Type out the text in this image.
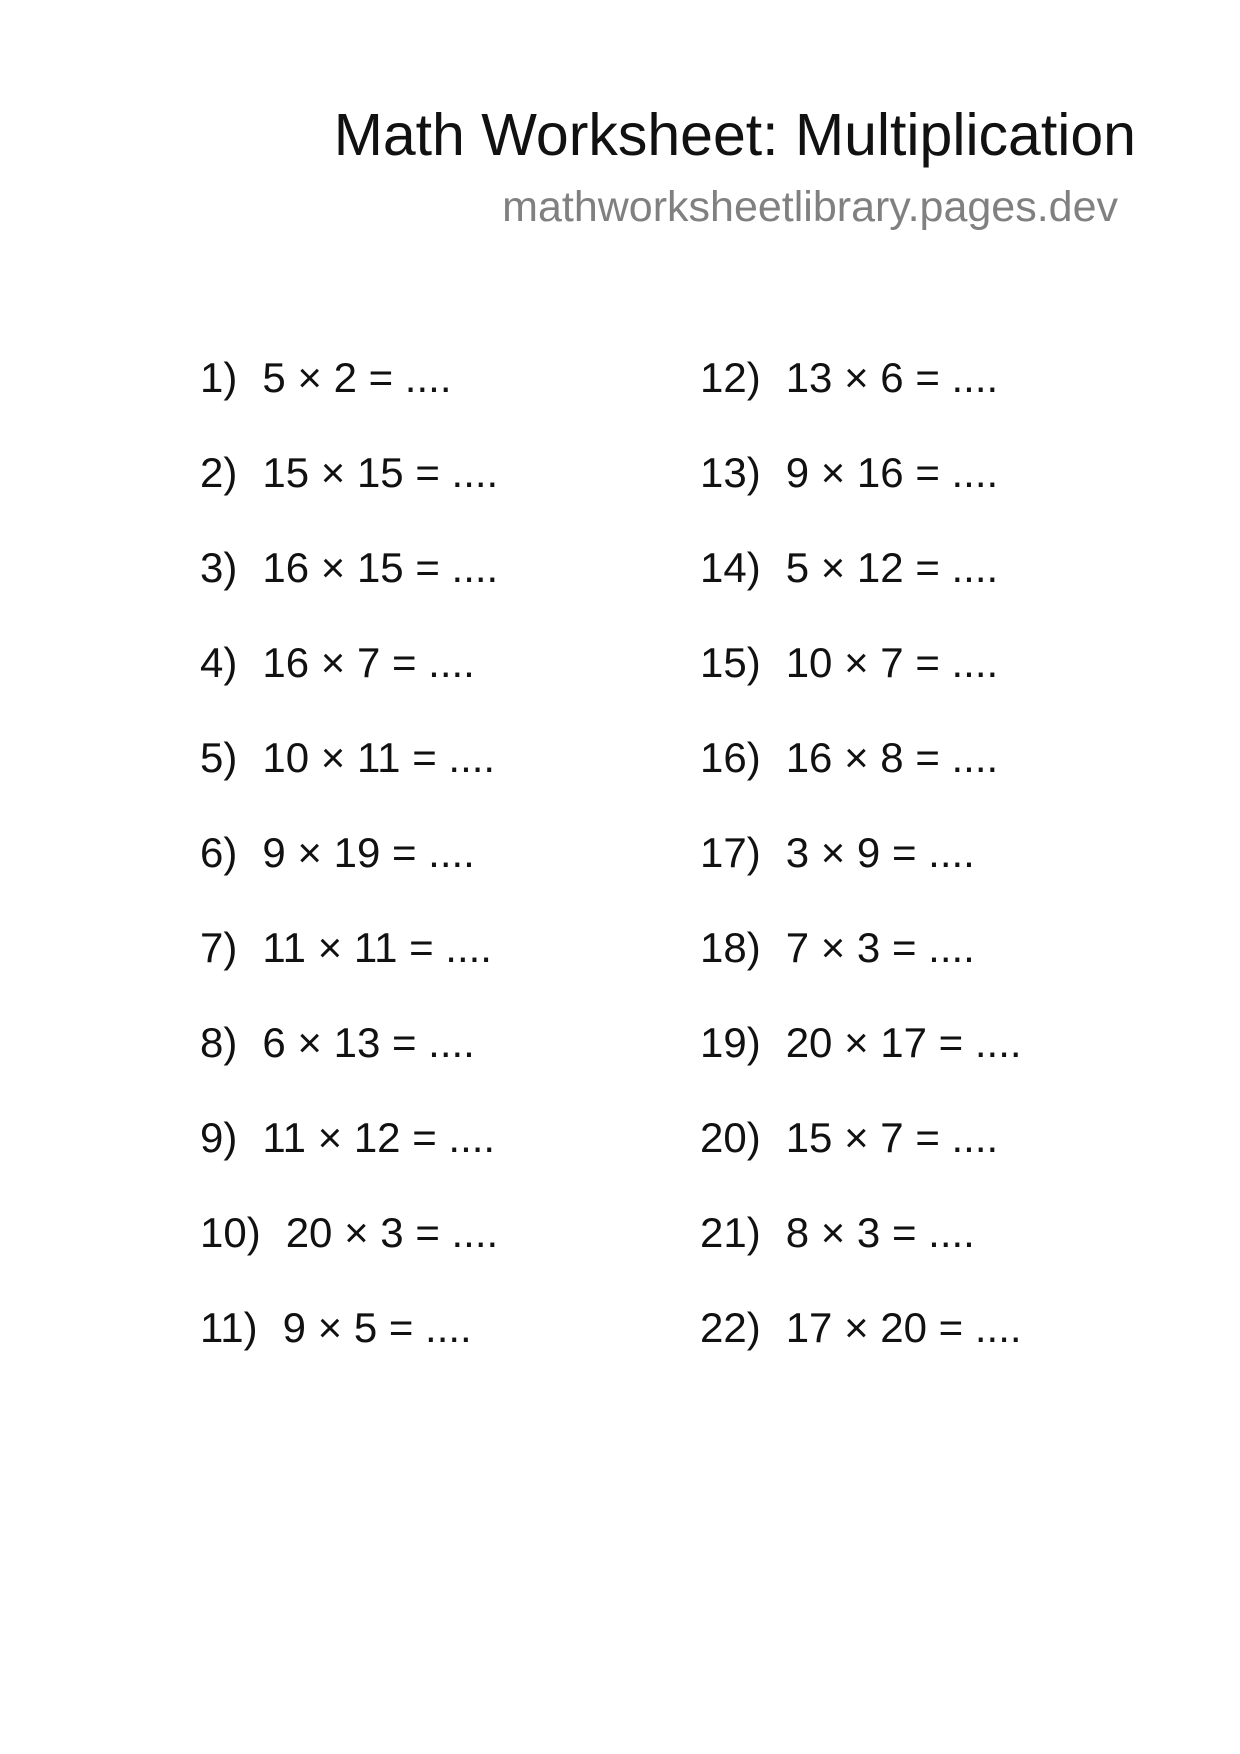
Math Worksheet: Multiplication
mathworksheetlibrary.pages.dev
1) 5 × 2 = ....
2) 15 × 15 = ....
3) 16 × 15 = ....
4) 16 × 7 = ....
5) 10 × 11 = ....
6) 9 × 19 = ....
7) 11 × 11 = ....
8) 6 × 13 = ....
9) 11 × 12 = ....
10) 20 × 3 = ....
11) 9 × 5 = ....
12) 13 × 6 = ....
13) 9 × 16 = ....
14) 5 × 12 = ....
15) 10 × 7 = ....
16) 16 × 8 = ....
17) 3 × 9 = ....
18) 7 × 3 = ....
19) 20 × 17 = ....
20) 15 × 7 = ....
21) 8 × 3 = ....
22) 17 × 20 = ....
